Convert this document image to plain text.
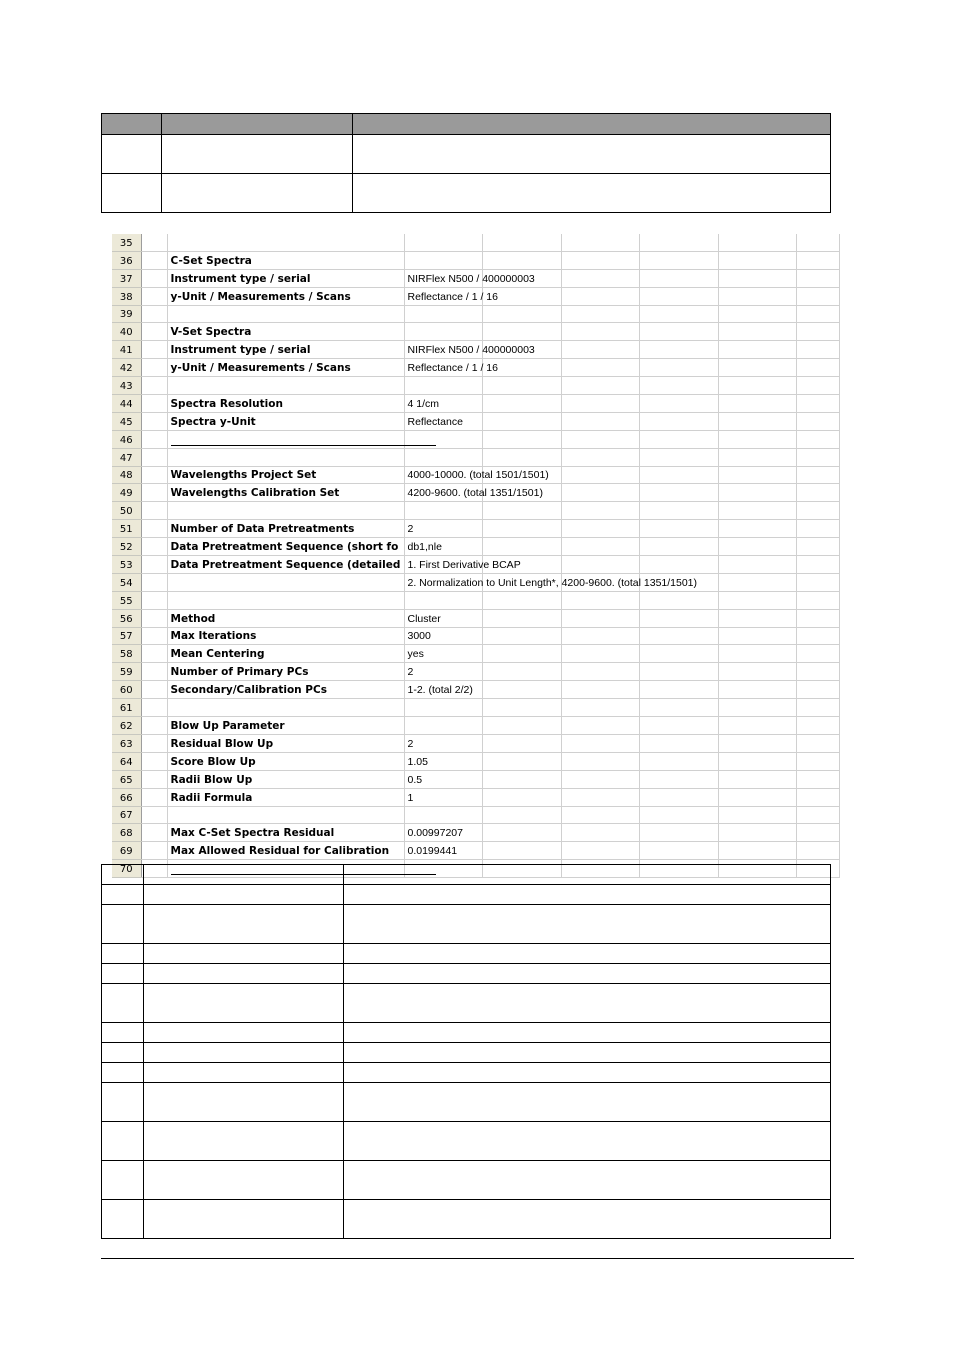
35								
36		C-Set Spectra						
37		Instrument type / serial	NIRFlex N500 / 400000003					
38		y-Unit / Measurements / Scans	Reflectance / 1 / 16					
39								
40		V-Set Spectra						
41		Instrument type / serial	NIRFlex N500 / 400000003					
42		y-Unit / Measurements / Scans	Reflectance / 1 / 16					
43								
44		Spectra Resolution	4 1/cm					
45		Spectra y-Unit	Reflectance					
46		

47								
48		Wavelengths Project Set	4000-10000. (total 1501/1501)					
49		Wavelengths Calibration Set	4200-9600. (total 1351/1501)					
50								
51		Number of Data Pretreatments	2					
52		Data Pretreatment Sequence (short fo	db1,nle					
53		Data Pretreatment Sequence (detailed	1. First Derivative BCAP					
54			2. Normalization to Unit Length*, 4200-9600. (total 1351/1501)					
55								
56		Method	Cluster					
57		Max Iterations	3000					
58		Mean Centering	yes					
59		Number of Primary PCs	2					
60		Secondary/Calibration PCs	1-2. (total 2/2)					
61								
62		Blow Up Parameter						
63		Residual Blow Up	2					
64		Score Blow Up	1.05					
65		Radii Blow Up	0.5					
66		Radii Formula	1					
67								
68		Max C-Set Spectra Residual	0.00997207					
69		Max Allowed Residual for Calibration	0.0199441					
70		
